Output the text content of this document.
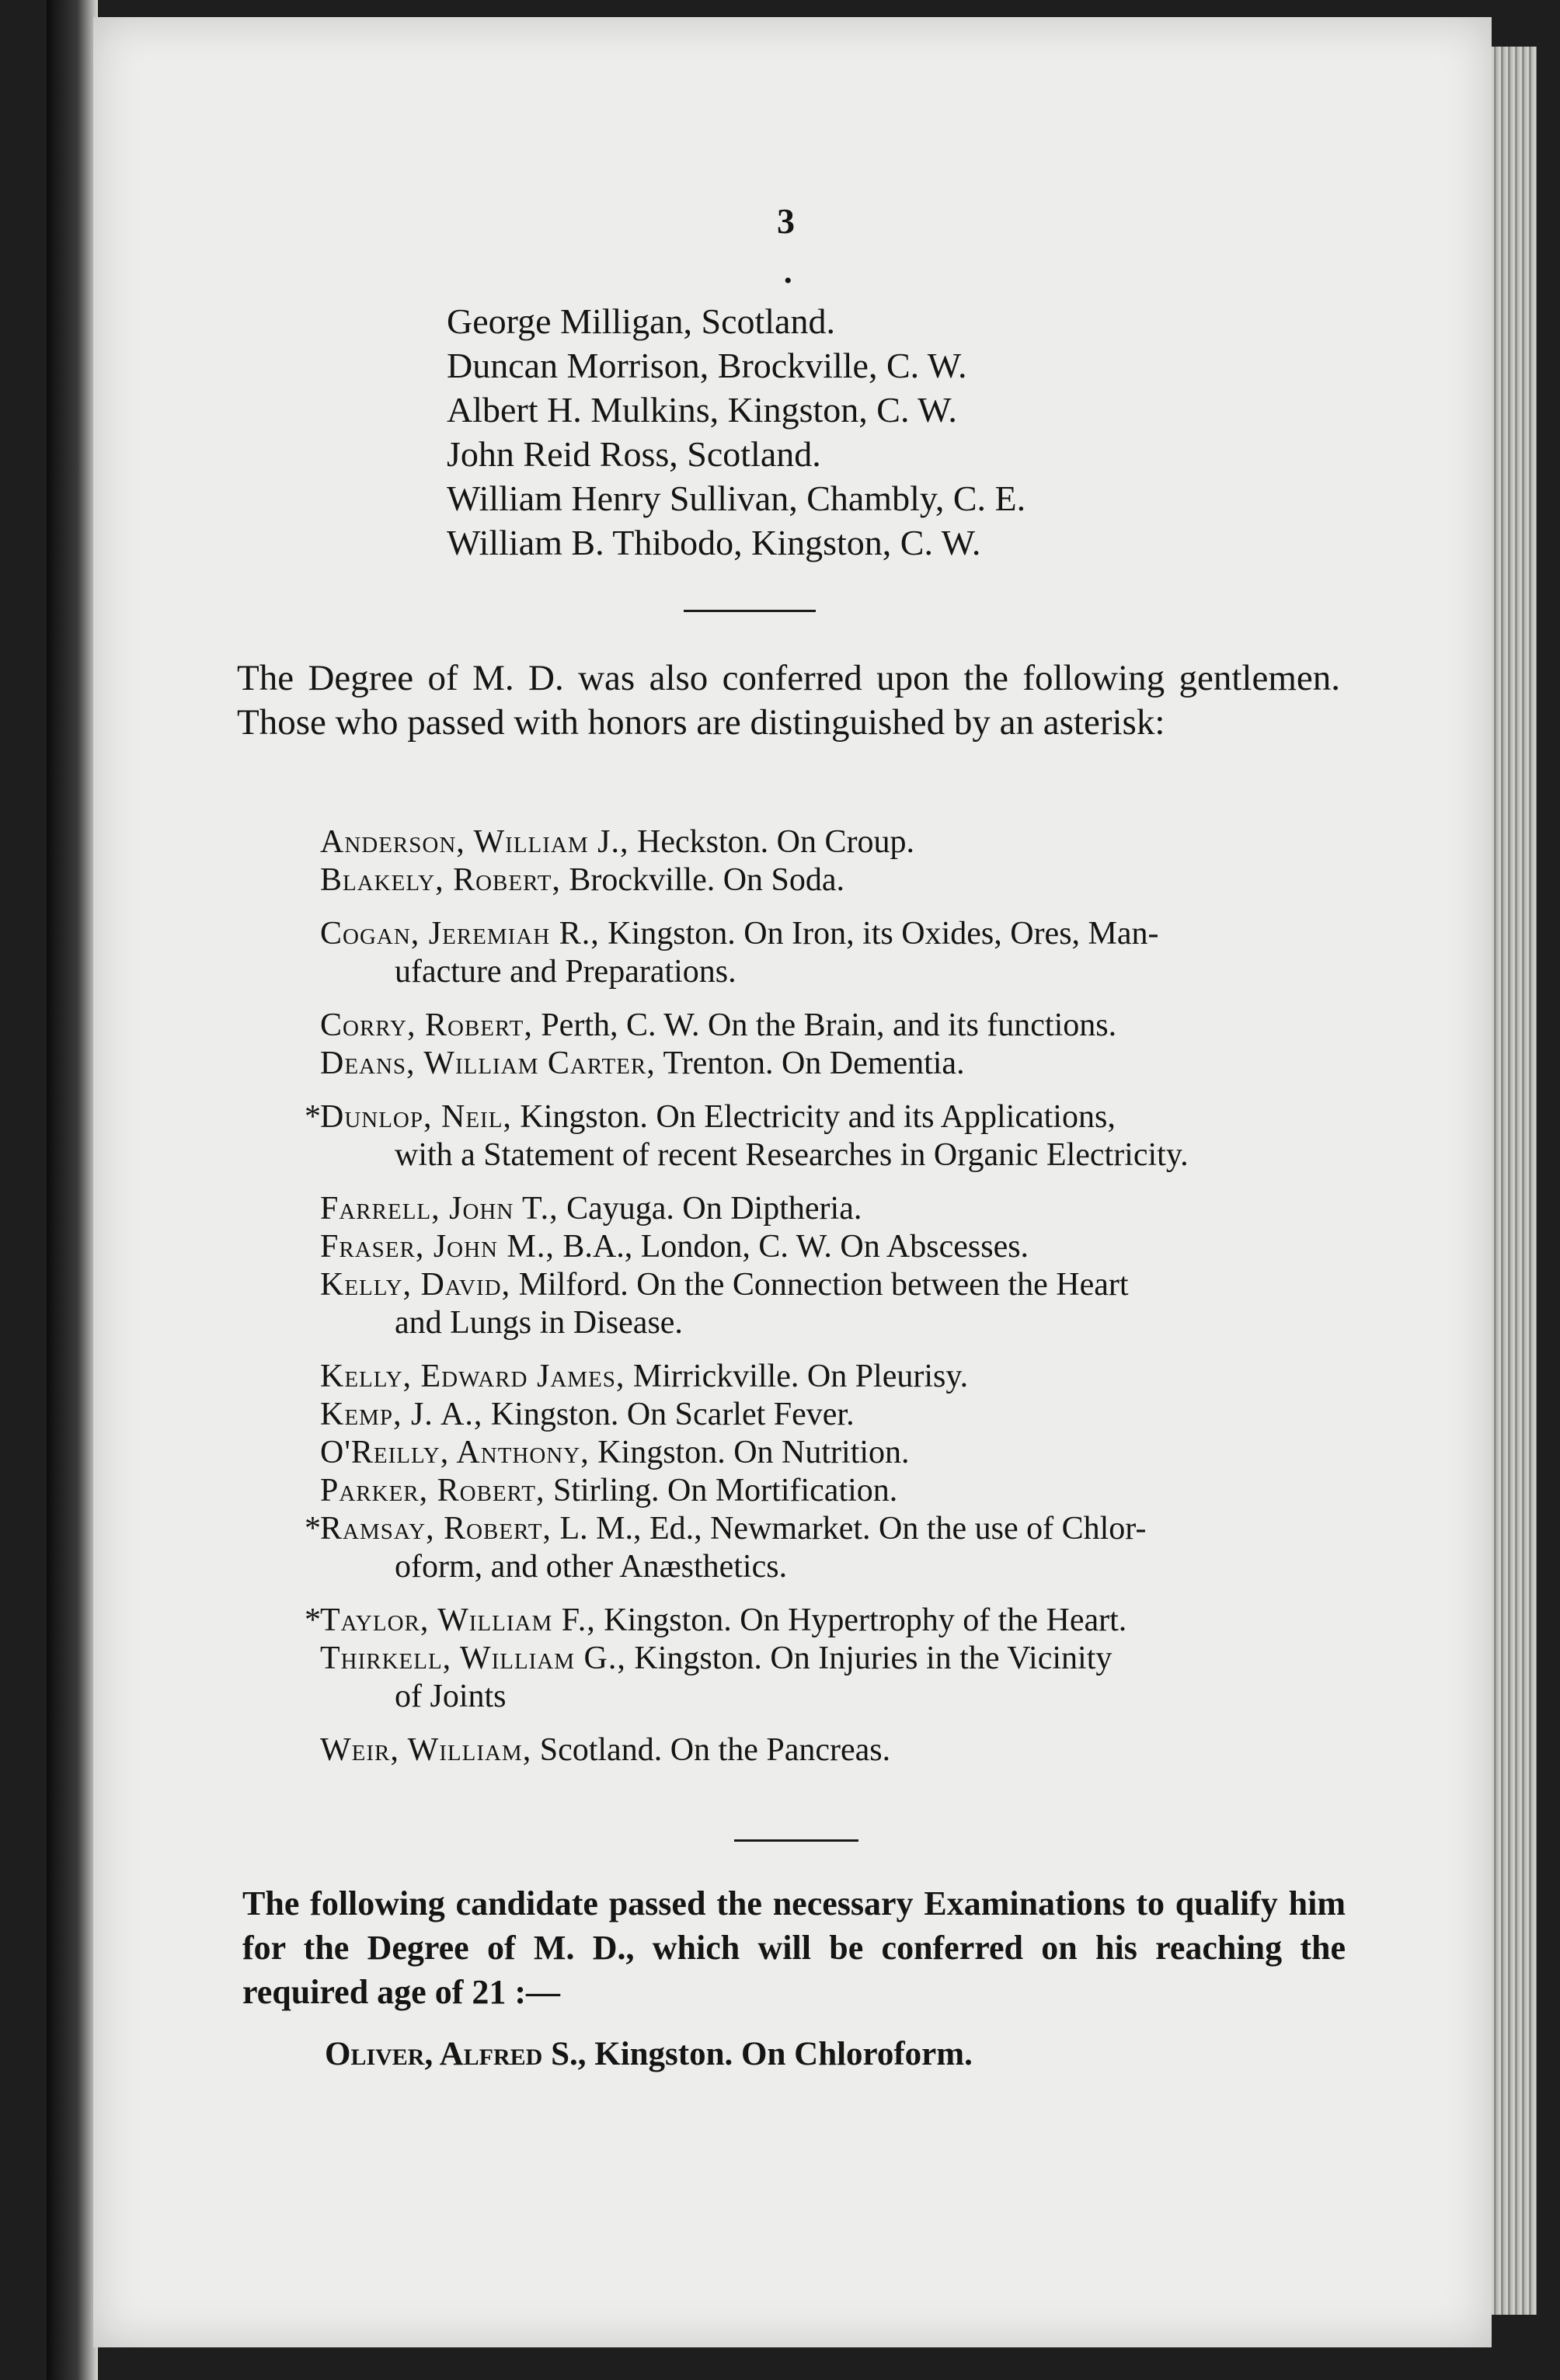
3
•
George Milligan, Scotland.
Duncan Morrison, Brockville, C. W.
Albert H. Mulkins, Kingston, C. W.
John Reid Ross, Scotland.
William Henry Sullivan, Chambly, C. E.
William B. Thibodo, Kingston, C. W.
The Degree of M. D. was also conferred upon the following gentlemen. Those who passed with honors are distinguished by an asterisk:
Anderson, William J., Heckston. On Croup.
Blakely, Robert, Brockville. On Soda.
Cogan, Jeremiah R., Kingston. On Iron, its Oxides, Ores, Man-
ufacture and Preparations.
Corry, Robert, Perth, C. W. On the Brain, and its functions.
Deans, William Carter, Trenton. On Dementia.
* Dunlop, Neil, Kingston. On Electricity and its Applications,
with a Statement of recent Researches in Organic Electricity.
Farrell, John T., Cayuga. On Diptheria.
Fraser, John M., B.A., London, C. W. On Abscesses.
Kelly, David, Milford. On the Connection between the Heart
and Lungs in Disease.
Kelly, Edward James, Mirrickville. On Pleurisy.
Kemp, J. A., Kingston. On Scarlet Fever.
O'Reilly, Anthony, Kingston. On Nutrition.
Parker, Robert, Stirling. On Mortification.
* Ramsay, Robert, L. M., Ed., Newmarket. On the use of Chlor-
oform, and other Anæsthetics.
* Taylor, William F., Kingston. On Hypertrophy of the Heart.
Thirkell, William G., Kingston. On Injuries in the Vicinity
of Joints
Weir, William, Scotland. On the Pancreas.
The following candidate passed the necessary Examinations to qualify him for the Degree of M. D., which will be conferred on his reaching the required age of 21 :—
Oliver, Alfred S., Kingston. On Chloroform.
